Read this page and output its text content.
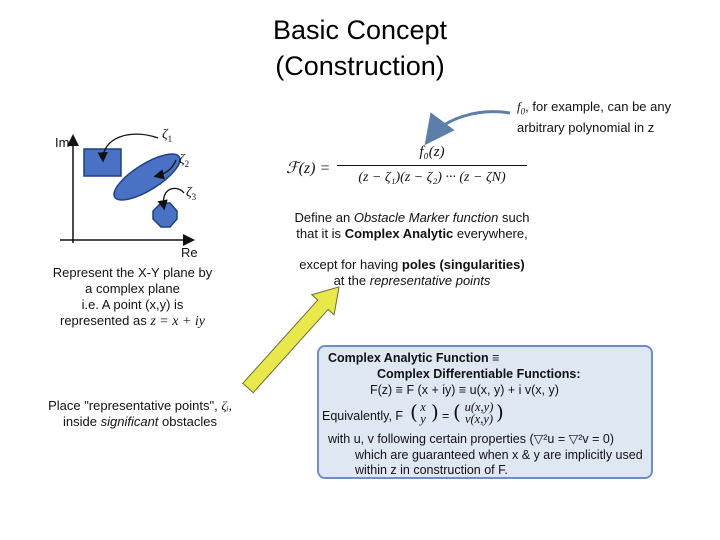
Basic Concept
(Construction)
Im
Re
$\zeta_1$
$\zeta_2$
$\zeta_3$
$f_0$, for example, can be any
arbitrary polynomial in z
ℱ(z) =
f₀(z)
(z − ζ₁)(z − ζ₂) ··· (z − ζN)
Define an Obstacle Marker function such
that it is Complex Analytic everywhere,
except for having poles (singularities)
at the representative points
Represent the X-Y plane by
a complex plane
i.e. A point (x,y) is
represented as z = x + iy
Place "representative points", ζᵢ,
inside significant obstacles
Complex Analytic Function ≡
Complex Differentiable Functions:
F(z) ≡ F (x + iy) ≡ u(x, y) + i v(x, y)
Equivalently, F ( x
y ) = ( u(x,y)
v(x,y) )
with u, v following certain properties (▽²u = ▽²v = 0)
which are guaranteed when x & y are implicitly used
within z in construction of F.
